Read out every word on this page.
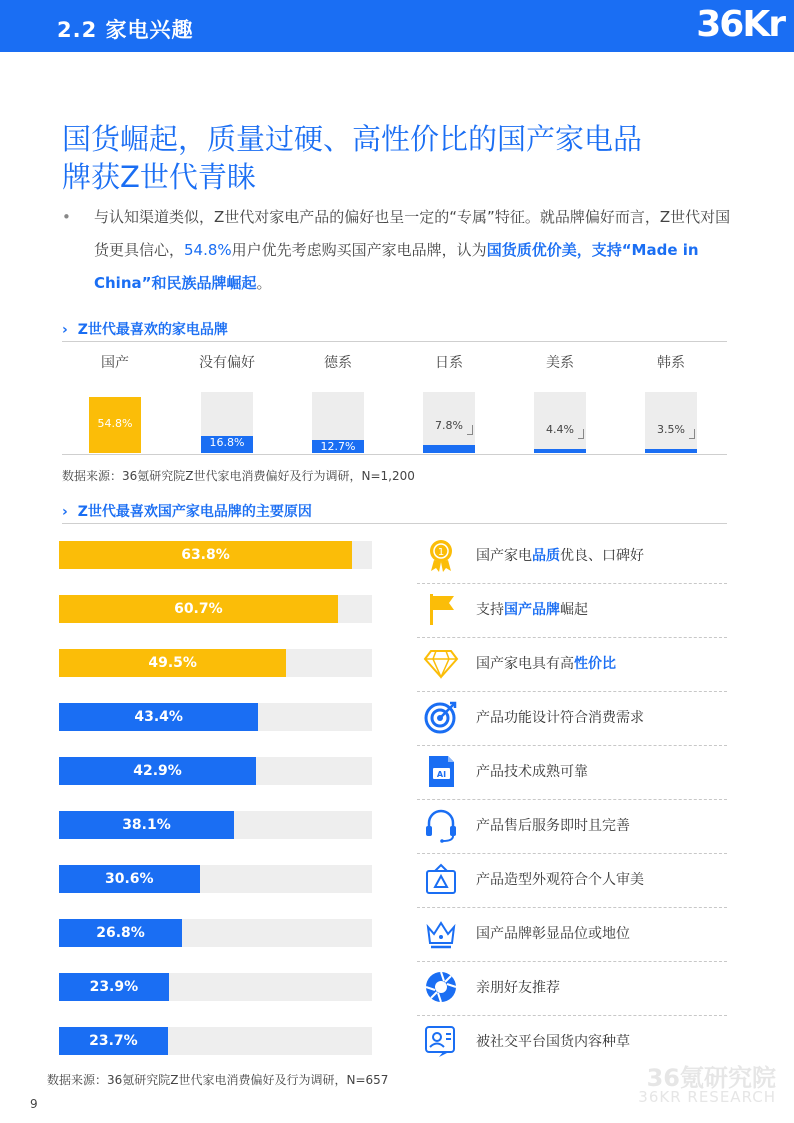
2.2 家电兴趣	36Kr
国货崛起，质量过硬、高性价比的国产家电品
牌获Z世代青睐
• 与认知渠道类似，Z世代对家电产品的偏好也呈一定的“专属”特征。就品牌偏好而言，Z世代对国货更具信心，54.8%用户优先考虑购买国产家电品牌，认为国货质优价美，支持“Made in China”和民族品牌崛起。
› Z世代最喜欢的家电品牌
国产
54.8%
没有偏好
16.8%
德系
12.7%
日系
7.8%
美系
4.4%
韩系
3.5%
数据来源：36氪研究院Z世代家电消费偏好及行为调研，N=1,200
› Z世代最喜欢国产家电品牌的主要原因
63.8%	1 国产家电品质优良、口碑好
60.7%	支持国产品牌崛起
49.5%	国产家电具有高性价比
43.4%	产品功能设计符合消费需求
42.9%	AI 产品技术成熟可靠
38.1%	产品售后服务即时且完善
30.6%	产品造型外观符合个人审美
26.8%	国产品牌彰显品位或地位
23.9%	亲朋好友推荐
23.7%	被社交平台国货内容种草
数据来源：36氪研究院Z世代家电消费偏好及行为调研，N=657
9
36氪研究院
36KR RESEARCH
